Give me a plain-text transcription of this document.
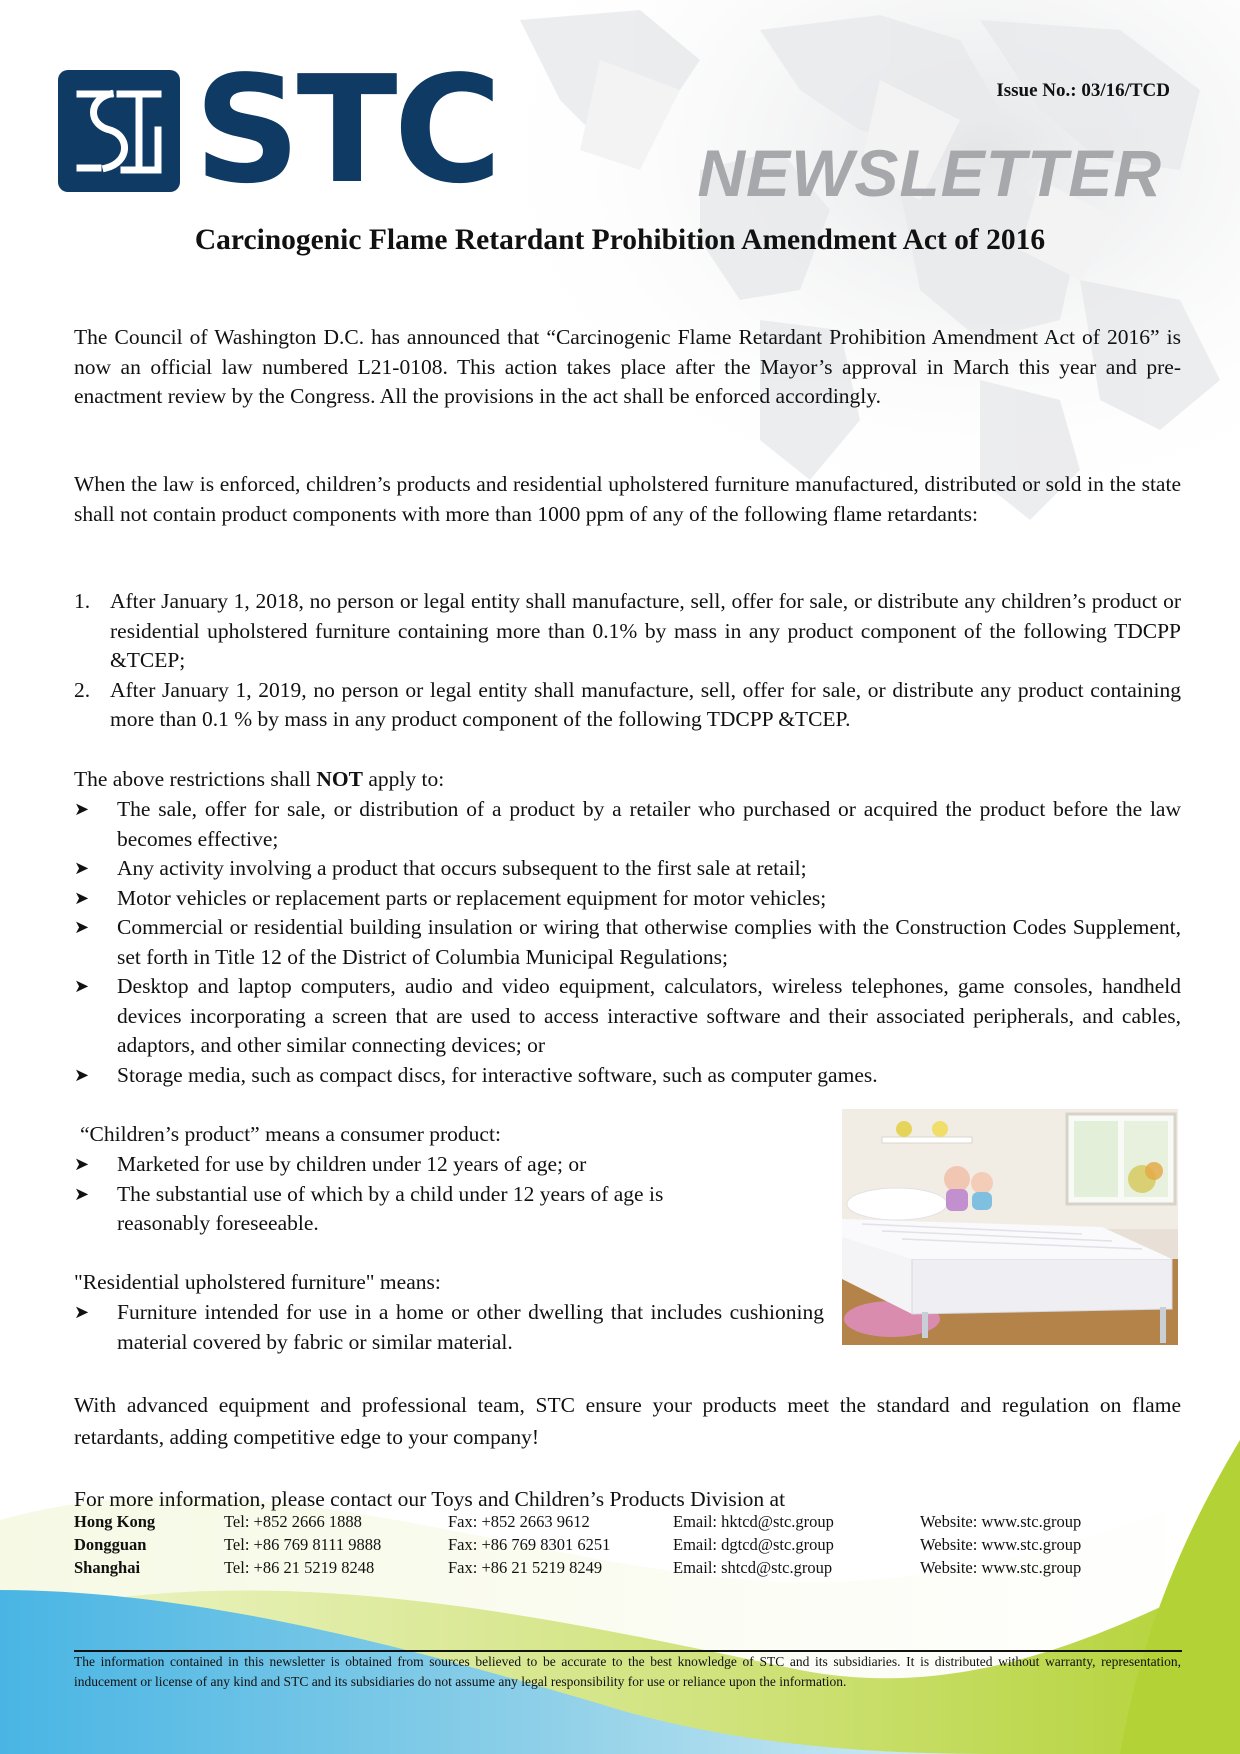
STC	Issue No.: 03/16/TCD
NEWSLETTER
Carcinogenic Flame Retardant Prohibition Amendment Act of 2016
The Council of Washington D.C. has announced that “Carcinogenic Flame Retardant Prohibition Amendment Act of 2016” is now an official law numbered L21-0108. This action takes place after the Mayor’s approval in March this year and pre-enactment review by the Congress. All the provisions in the act shall be enforced accordingly.
When the law is enforced, children’s products and residential upholstered furniture manufactured, distributed or sold in the state shall not contain product components with more than 1000 ppm of any of the following flame retardants:
1. After January 1, 2018, no person or legal entity shall manufacture, sell, offer for sale, or distribute any children’s product or residential upholstered furniture containing more than 0.1% by mass in any product component of the following TDCPP &TCEP;
2. After January 1, 2019, no person or legal entity shall manufacture, sell, offer for sale, or distribute any product containing more than 0.1 % by mass in any product component of the following TDCPP &TCEP.
The above restrictions shall NOT apply to:
➤ The sale, offer for sale, or distribution of a product by a retailer who purchased or acquired the product before the law becomes effective;
➤ Any activity involving a product that occurs subsequent to the first sale at retail;
➤ Motor vehicles or replacement parts or replacement equipment for motor vehicles;
➤ Commercial or residential building insulation or wiring that otherwise complies with the Construction Codes Supplement, set forth in Title 12 of the District of Columbia Municipal Regulations;
➤ Desktop and laptop computers, audio and video equipment, calculators, wireless telephones, game consoles, handheld devices incorporating a screen that are used to access interactive software and their associated peripherals, and cables, adaptors, and other similar connecting devices; or
➤ Storage media, such as compact discs, for interactive software, such as computer games.
“Children’s product” means a consumer product:
➤ Marketed for use by children under 12 years of age; or
➤ The substantial use of which by a child under 12 years of age is reasonably foreseeable.
"Residential upholstered furniture" means:
➤ Furniture intended for use in a home or other dwelling that includes cushioning material covered by fabric or similar material.
With advanced equipment and professional team, STC ensure your products meet the standard and regulation on flame retardants, adding competitive edge to your company!
For more information, please contact our Toys and Children’s Products Division at
Hong Kong	Tel: +852 2666 1888	Fax: +852 2663 9612	Email: hktcd@stc.group	Website: www.stc.group
Dongguan	Tel: +86 769 8111 9888	Fax: +86 769 8301 6251	Email: dgtcd@stc.group	Website: www.stc.group
Shanghai	Tel: +86 21 5219 8248	Fax: +86 21 5219 8249	Email: shtcd@stc.group	Website: www.stc.group
The information contained in this newsletter is obtained from sources believed to be accurate to the best knowledge of STC and its subsidiaries. It is distributed without warranty, representation, inducement or license of any kind and STC and its subsidiaries do not assume any legal responsibility for use or reliance upon the information.
